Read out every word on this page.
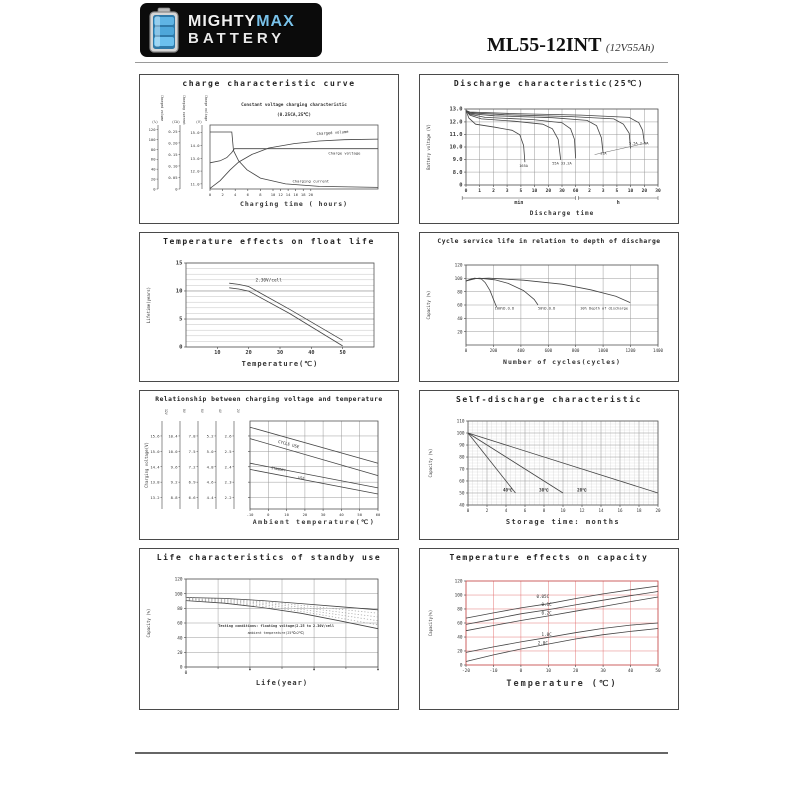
MIGHTYMAX
BATTERY	ML55-12INT (12V55Ah)
charge characteristic curve
0	2	4	6	8 10 12 14 16 18 20
Constant voltage charging characteristic
(0.25CA,25℃)
Charged volume
Charge voltage
Charging current
Charging time ( hours)
0
20
40
60
80
100
120
(%)
Charged volume
0
0.05
0.10
0.15
0.20
0.25
(CA) Charging current
11.0
12.0
13.0
14.0
15.0
(V)
Charge voltage
Discharge characteristic(25℃)
0 1 2 3 5 10 20 30 60 2 3 5 10 20 30
0
8.0
9.0
10.0
11.0
12.0
13.0
165A
55A 33.2A
11A
5.5A 2.9A
min	h
Discharge time
Battery voltage (V)
Temperature effects on float life
10	20	30	40	50
0
5
10
15
2.30V/cell
Temperature(℃)
Lifetime(years)
Cycle service life in relation to depth of discharge
0	200	400	600	800	1000	1200	1400
20
40
60
80
100
120
100%D.O.D	50%D.O.D	30% Depth of discharge
Number of cycles(cycles)
Capacity (%)
Relationship between charging voltage and temperature
-10	0	10	20	30	40	50	60
CYCLE USE
STANDBY
USE
Ambient temperature(℃)
Charging voltage(V)
15.6
15.0
14.4
13.8
13.2
12V
10.4
10.0
9.6
9.2
8.8
8V
7.8
7.5
7.2
6.9
6.6
6V
5.2
5.0
4.8
4.6
4.4
4V
2.6
2.5
2.4
2.3
2.2
2V
Self-discharge characteristic
0	2	4	6	8	10	12	14	16	18	20
40
50
60
70
80
90
100
110
40℃	30℃	20℃
Storage time: months
Capacity (%)
Life characteristics of standby use
0
0
20
40
60
80
100
120
Testing conditions: floating voltage(2.25 to 2.30V/cell
ambient temperature(25℃±2℃)
Life(year)
Capacity (%)
Temperature effects on capacity
-20	-10	0	10	20	30	40	50
0
20
40
60
80
100
120
0.05C
0.1C
0.2C
1.0C
2.0C
Temperature (℃)
Capacity(%)
